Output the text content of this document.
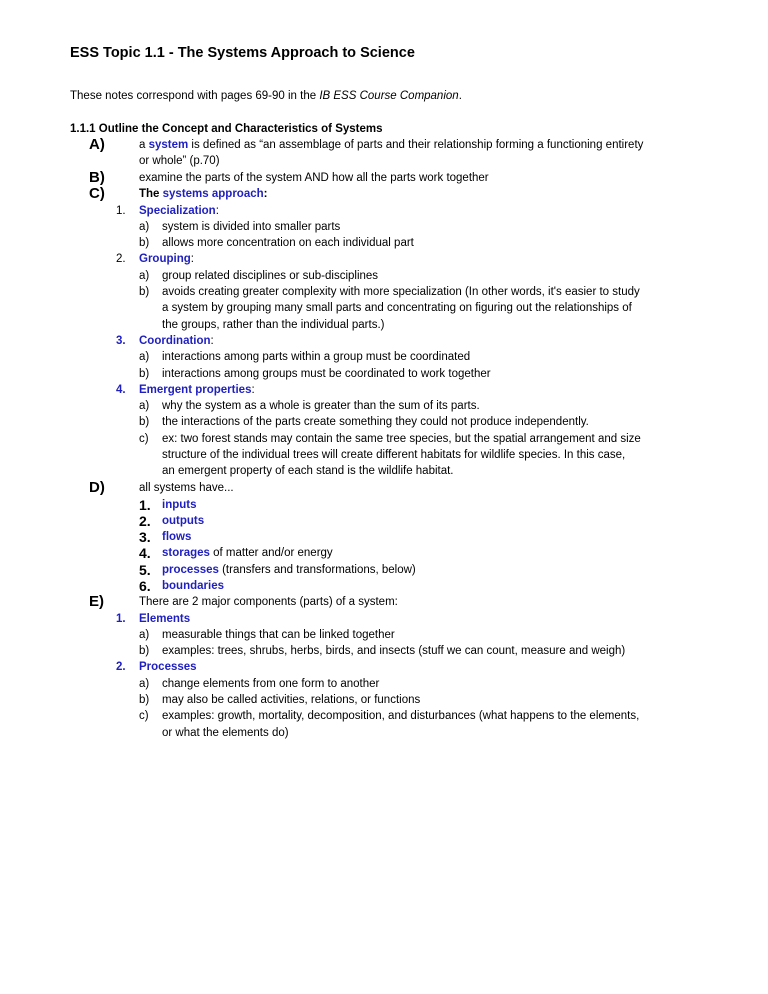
ESS Topic 1.1 - The Systems Approach to Science
These notes correspond with pages 69-90 in the IB ESS Course Companion.
1.1.1 Outline the Concept and Characteristics of Systems
A)	a system is defined as “an assemblage of parts and their relationship forming a functioning entirety
or whole” (p.70)
B)	examine the parts of the system AND how all the parts work together
C)	The systems approach:
1. Specialization:
a) system is divided into smaller parts
b) allows more concentration on each individual part
2. Grouping:
a) group related disciplines or sub-disciplines
b) avoids creating greater complexity with more specialization (In other words, it's easier to study
a system by grouping many small parts and concentrating on figuring out the relationships of
the groups, rather than the individual parts.)
3. Coordination:
a) interactions among parts within a group must be coordinated
b) interactions among groups must be coordinated to work together
4. Emergent properties:
a) why the system as a whole is greater than the sum of its parts.
b) the interactions of the parts create something they could not produce independently.
c) ex: two forest stands may contain the same tree species, but the spatial arrangement and size
structure of the individual trees will create different habitats for wildlife species. In this case,
an emergent property of each stand is the wildlife habitat.
D)	all systems have...
1. inputs
2. outputs
3. flows
4. storages of matter and/or energy
5. processes (transfers and transformations, below)
6. boundaries
E)	There are 2 major components (parts) of a system:
1. Elements
a) measurable things that can be linked together
b) examples: trees, shrubs, herbs, birds, and insects (stuff we can count, measure and weigh)
2. Processes
a) change elements from one form to another
b) may also be called activities, relations, or functions
c) examples: growth, mortality, decomposition, and disturbances (what happens to the elements,
or what the elements do)
